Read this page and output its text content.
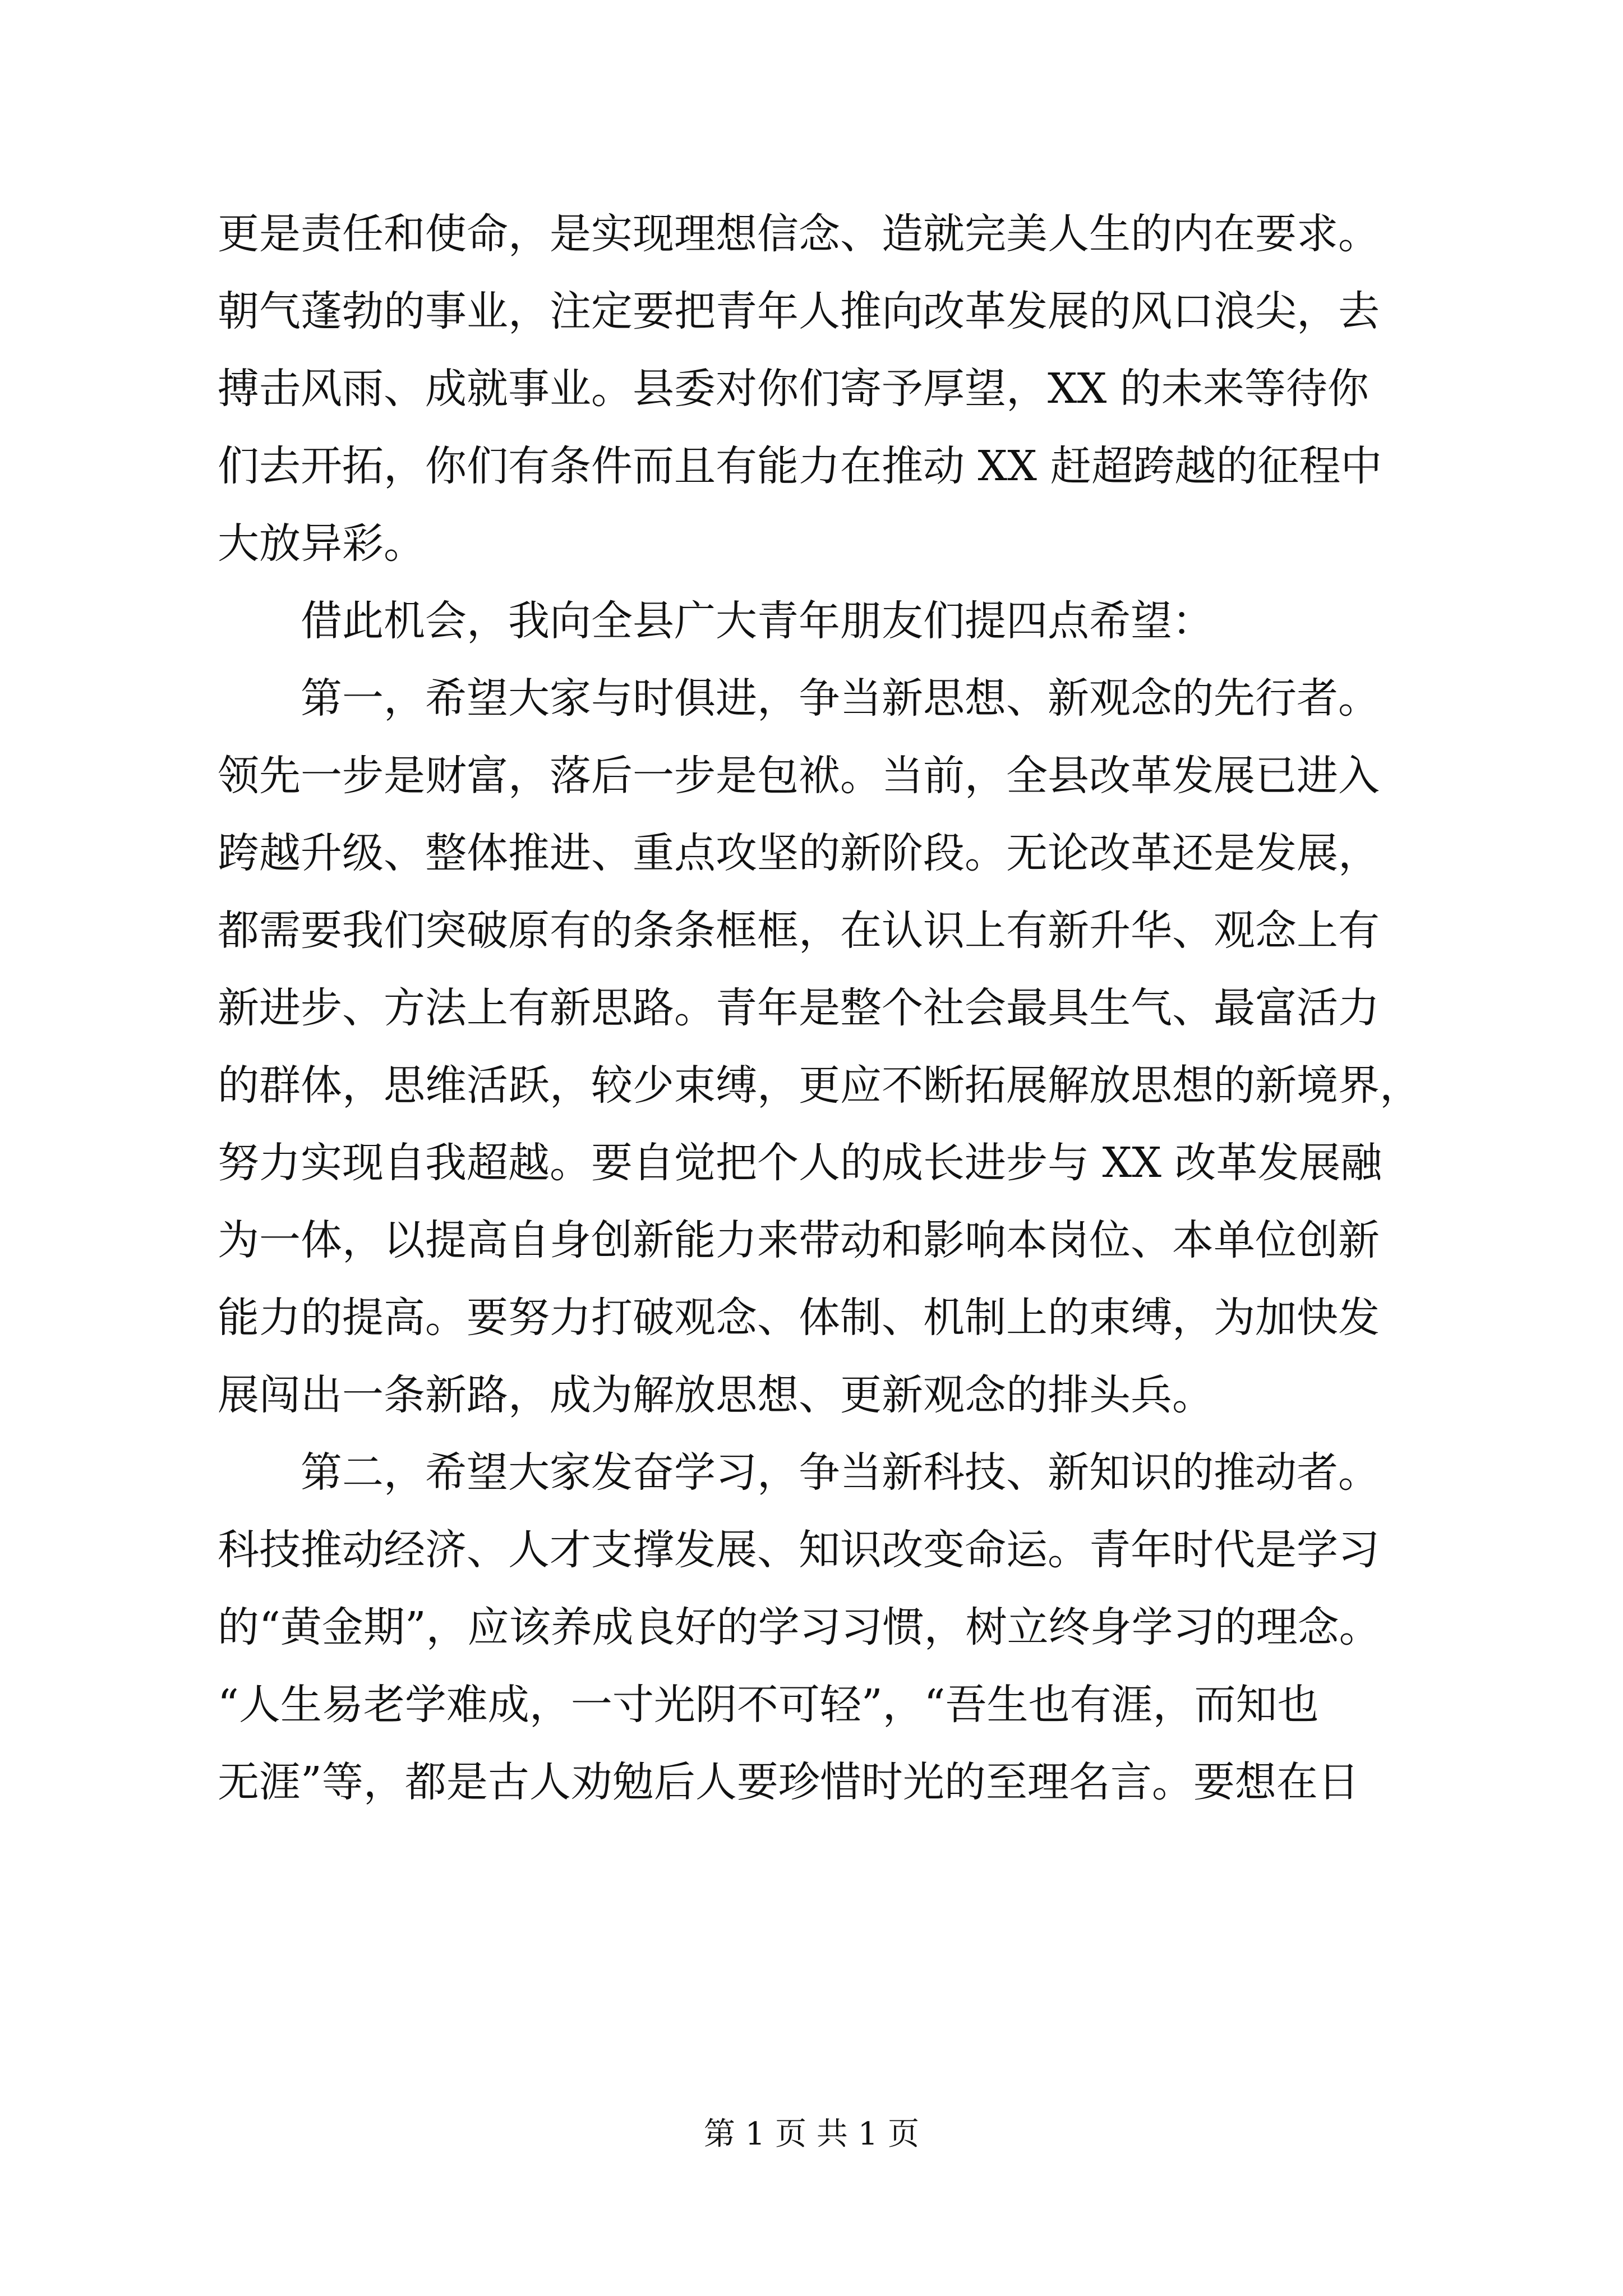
更是责任和使命，是实现理想信念、造就完美人生的内在要求。
朝气蓬勃的事业，注定要把青年人推向改革发展的风口浪尖，去
搏击风雨、成就事业。县委对你们寄予厚望，XX 的未来等待你
们去开拓，你们有条件而且有能力在推动 XX 赶超跨越的征程中
大放异彩。
借此机会，我向全县广大青年朋友们提四点希望：
第一，希望大家与时俱进，争当新思想、新观念的先行者。
领先一步是财富，落后一步是包袱。当前，全县改革发展已进入
跨越升级、整体推进、重点攻坚的新阶段。无论改革还是发展，
都需要我们突破原有的条条框框，在认识上有新升华、观念上有
新进步、方法上有新思路。青年是整个社会最具生气、最富活力
的群体，思维活跃，较少束缚，更应不断拓展解放思想的新境界，
努力实现自我超越。要自觉把个人的成长进步与 XX 改革发展融
为一体，以提高自身创新能力来带动和影响本岗位、本单位创新
能力的提高。要努力打破观念、体制、机制上的束缚，为加快发
展闯出一条新路，成为解放思想、更新观念的排头兵。
第二，希望大家发奋学习，争当新科技、新知识的推动者。
科技推动经济、人才支撑发展、知识改变命运。青年时代是学习
的“黄金期”，应该养成良好的学习习惯，树立终身学习的理念。
“人生易老学难成，一寸光阴不可轻”，“吾生也有涯，而知也
无涯”等，都是古人劝勉后人要珍惜时光的至理名言。要想在日
第 1 页 共 1 页
